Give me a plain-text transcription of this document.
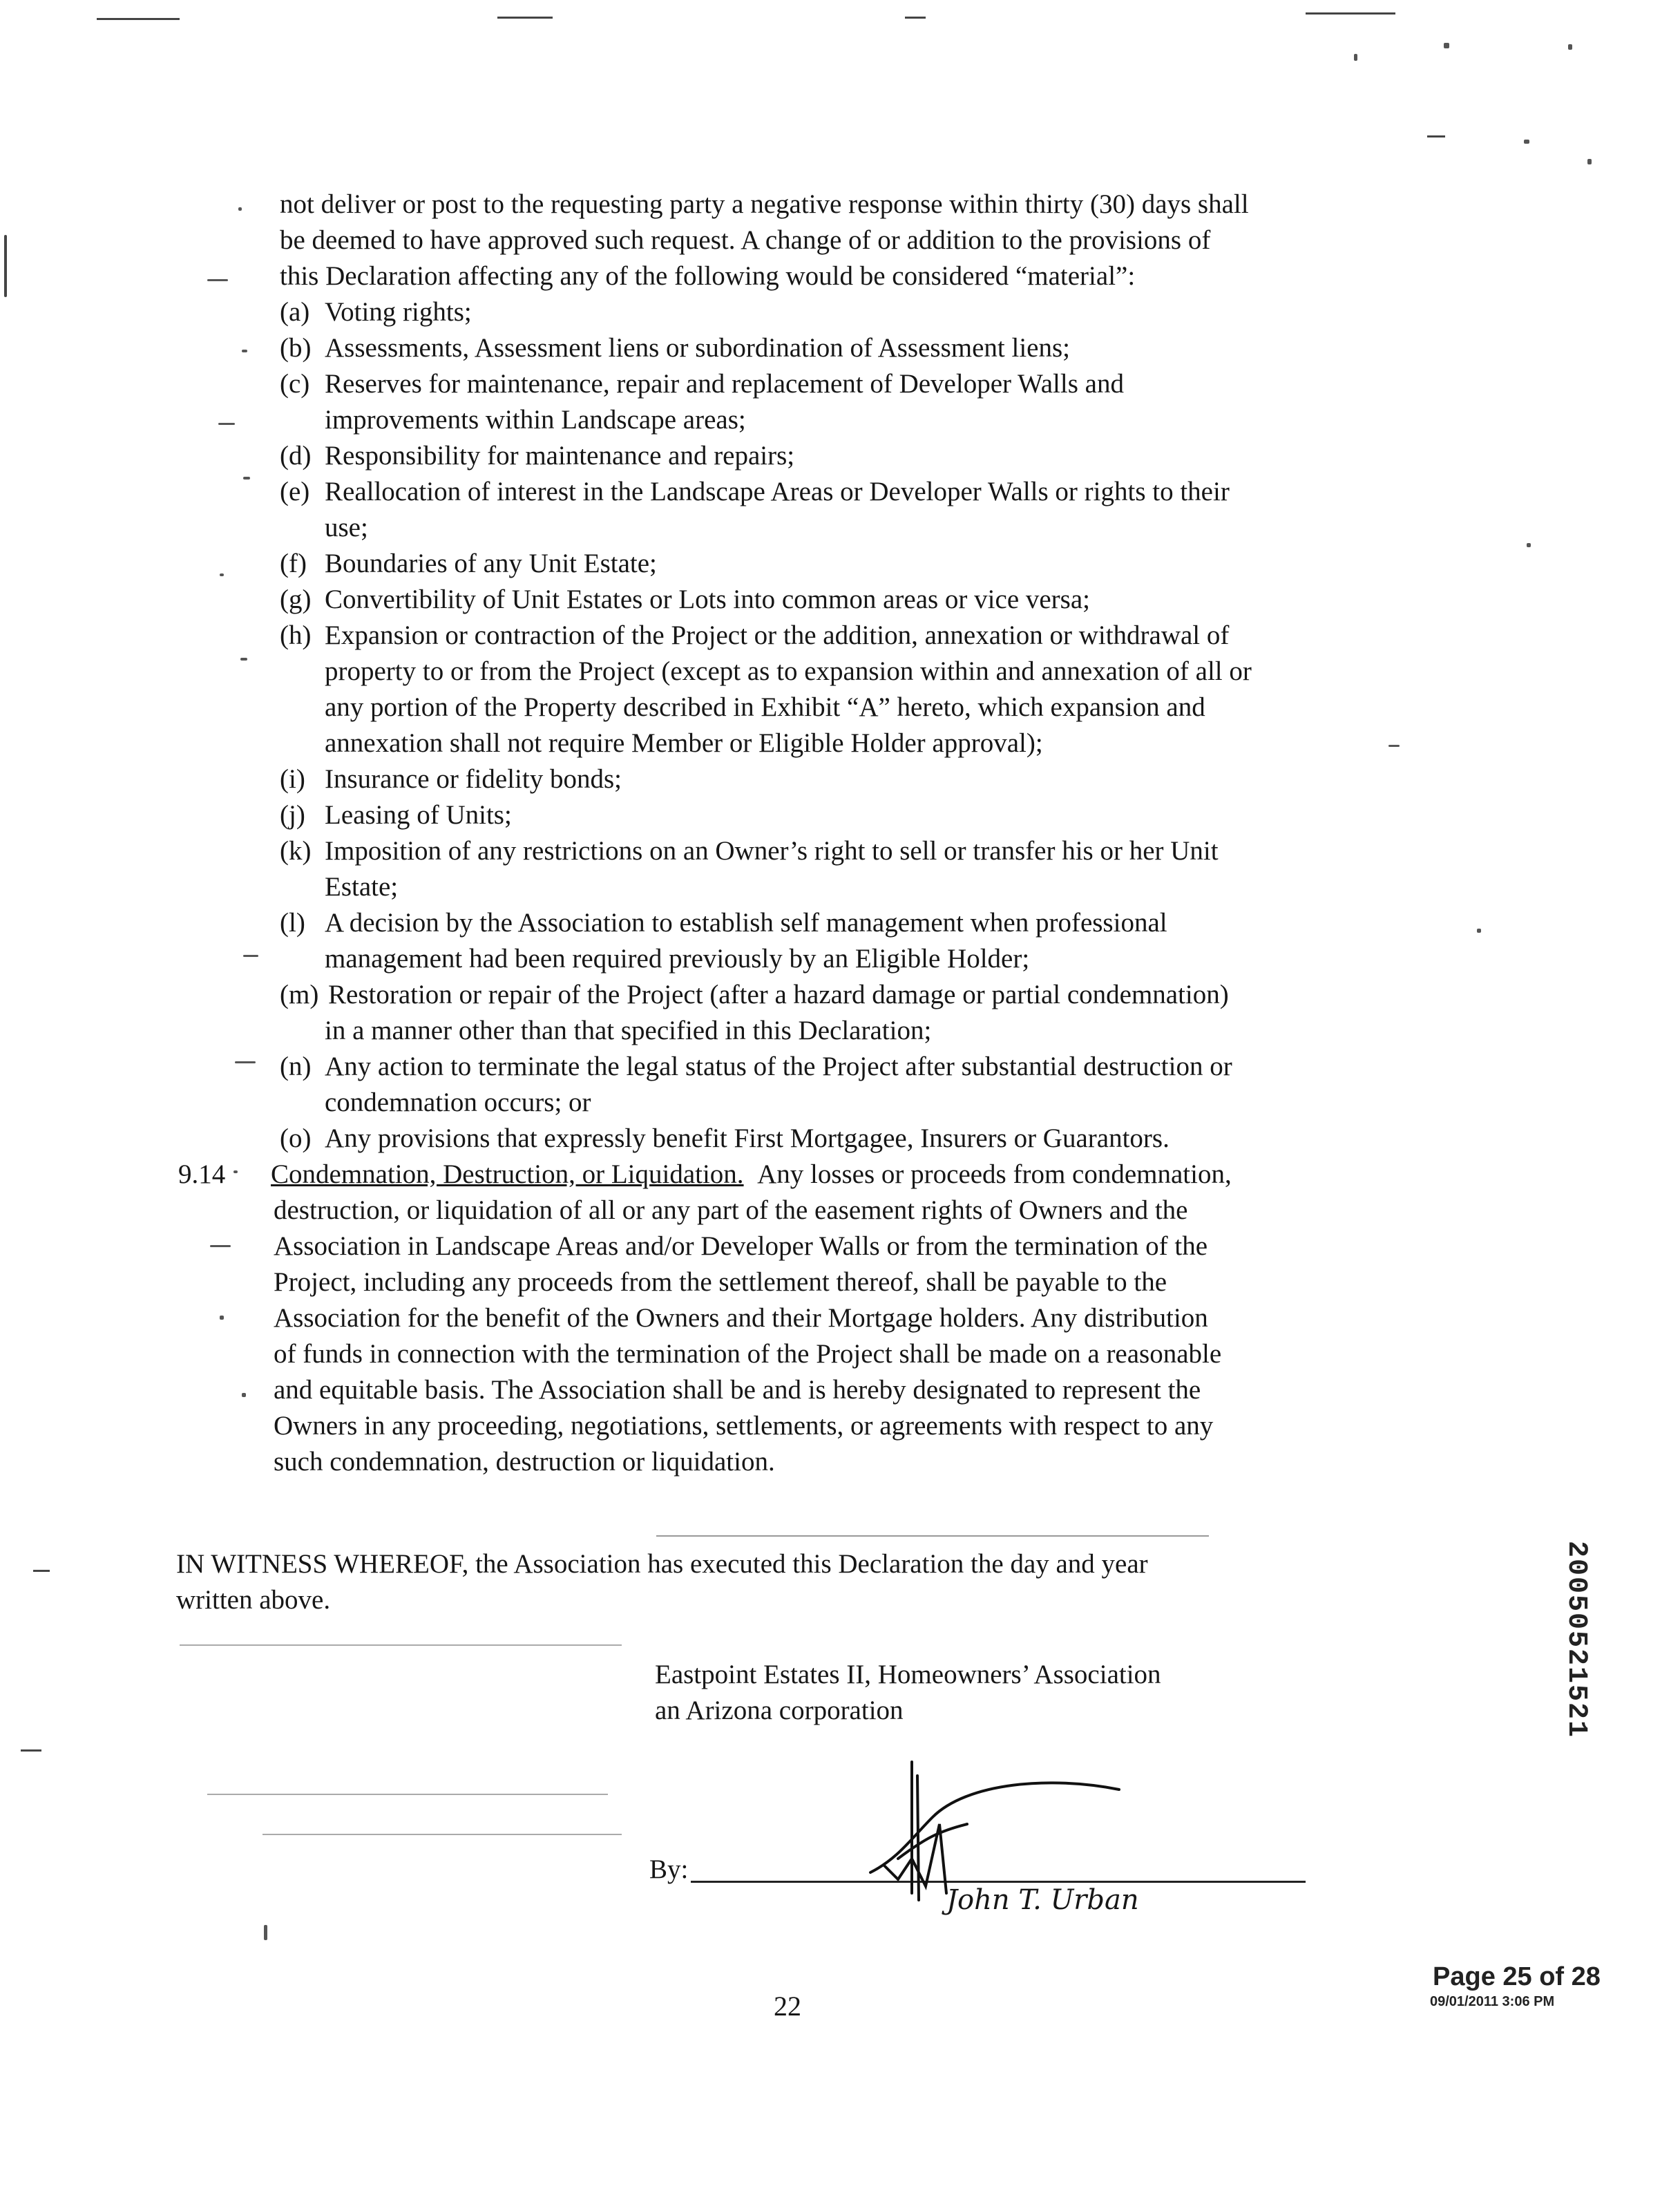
not deliver or post to the requesting party a negative response within thirty (30) days shall
be deemed to have approved such request. A change of or addition to the provisions of
this Declaration affecting any of the following would be considered “material”:
(a) Voting rights;
(b) Assessments, Assessment liens or subordination of Assessment liens;
(c) Reserves for maintenance, repair and replacement of Developer Walls and
improvements within Landscape areas;
(d) Responsibility for maintenance and repairs;
(e) Reallocation of interest in the Landscape Areas or Developer Walls or rights to their
use;
(f) Boundaries of any Unit Estate;
(g) Convertibility of Unit Estates or Lots into common areas or vice versa;
(h) Expansion or contraction of the Project or the addition, annexation or withdrawal of
property to or from the Project (except as to expansion within and annexation of all or
any portion of the Property described in Exhibit “A” hereto, which expansion and
annexation shall not require Member or Eligible Holder approval);
(i) Insurance or fidelity bonds;
(j) Leasing of Units;
(k) Imposition of any restrictions on an Owner’s right to sell or transfer his or her Unit
Estate;
(l) A decision by the Association to establish self management when professional
management had been required previously by an Eligible Holder;
(m) Restoration or repair of the Project (after a hazard damage or partial condemnation)
in a manner other than that specified in this Declaration;
(n) Any action to terminate the legal status of the Project after substantial destruction or
condemnation occurs; or
(o) Any provisions that expressly benefit First Mortgagee, Insurers or Guarantors.
9.14 Condemnation, Destruction, or Liquidation. Any losses or proceeds from condemnation,
destruction, or liquidation of all or any part of the easement rights of Owners and the
Association in Landscape Areas and/or Developer Walls or from the termination of the
Project, including any proceeds from the settlement thereof, shall be payable to the
Association for the benefit of the Owners and their Mortgage holders. Any distribution
of funds in connection with the termination of the Project shall be made on a reasonable
and equitable basis. The Association shall be and is hereby designated to represent the
Owners in any proceeding, negotiations, settlements, or agreements with respect to any
such condemnation, destruction or liquidation.
IN WITNESS WHEREOF, the Association has executed this Declaration the day and year
written above.
Eastpoint Estates II, Homeowners’ Association
an Arizona corporation
By:
John T. Urban
22
Page 25 of 28
09/01/2011 3:06 PM
20050521521
